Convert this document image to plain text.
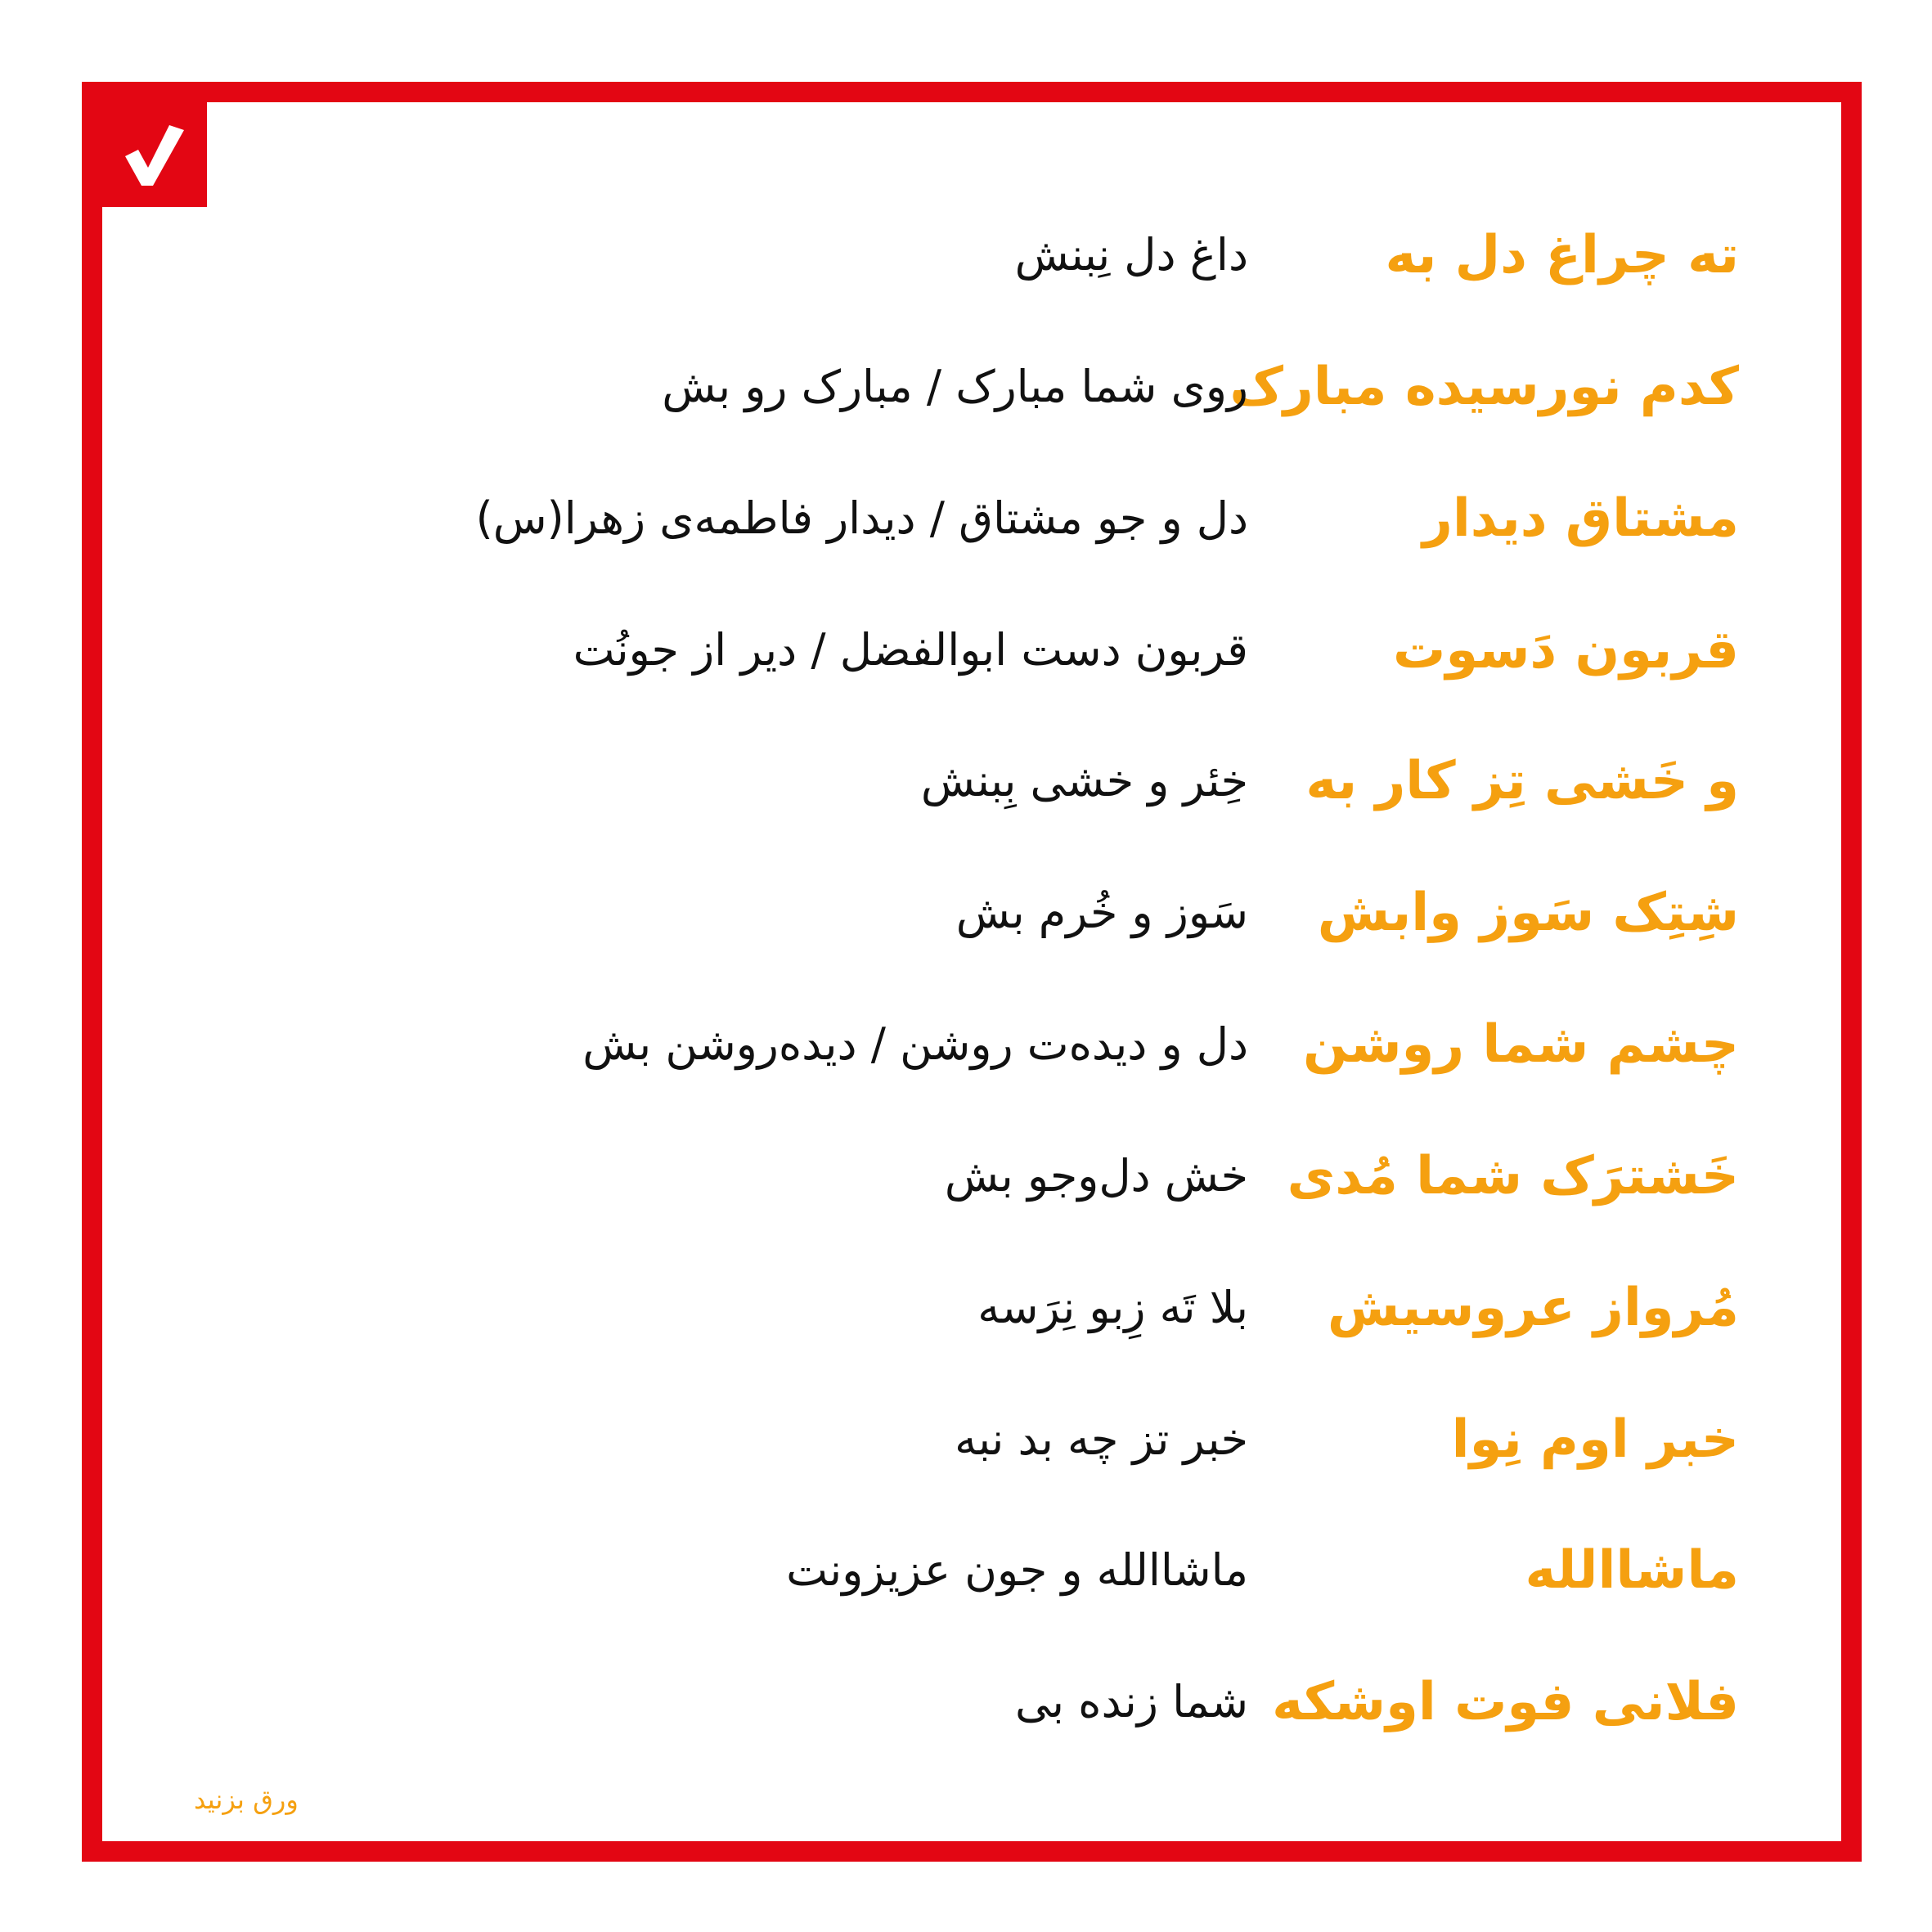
ته چراغ دل به
داغ دل نِبنش
کدم نورسیده مبارک
روی شما مبارک / مبارک رو بش
مشتاق دیدار
دل و جو مشتاق / دیدار فاطمه‌ی زهرا(س)
قربون دَسوت
قربون دست ابوالفضل / دیر از جونُت
و خَشی تِز کار به
خِئر و خشی بِبنش
شِتِک سَوز وابش
سَوز و خُرم بش
چشم شما روشن
دل و دیده‌ت روشن / دیده‌روشن بش
خَشترَک شما مُدی
خش دل‌وجو بش
مُرواز عروسیش
بلا تَه زِبو نِرَسه
خبر اوم نِوا
خبر تز چه بد نبه
ماشاالله
ماشاالله و جون عزیزونت
فلانی فوت اوشکه
شما زنده بی
ورق بزنید
